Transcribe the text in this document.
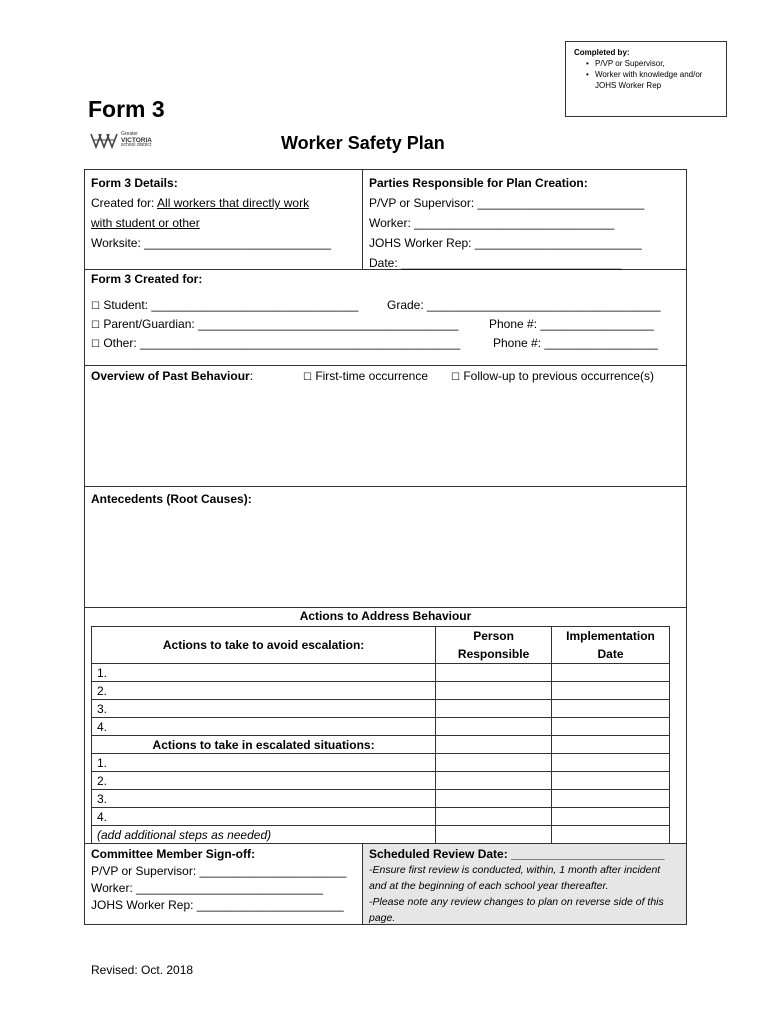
Completed by:
• P/VP or Supervisor,
• Worker with knowledge and/or JOHS Worker Rep
Form 3
Greater
VICTORIA
school district	Worker Safety Plan
Form 3 Details:
Created for: All workers that directly work
with student or other
Worksite: ____________________________
Parties Responsible for Plan Creation:
P/VP or Supervisor: _________________________
Worker: ______________________________
JOHS Worker Rep: _________________________
Date: _________________________________
Form 3 Created for:
☐ Student: _______________________________ Grade: ___________________________________
☐ Parent/Guardian: _______________________________________	Phone #: _________________
☐ Other: ________________________________________________	Phone #: _________________
Overview of Past Behaviour:	☐ First-time occurrence ☐ Follow-up to previous occurrence(s)
Antecedents (Root Causes):
Actions to Address Behaviour
Actions to take to avoid escalation:	Person Responsible	Implementation Date
1.		
2.		
3.		
4.		
Actions to take in escalated situations:		
1.		
2.		
3.		
4.		
(add additional steps as needed)		
Committee Member Sign-off:
P/VP or Supervisor: ______________________
Worker: ____________________________
JOHS Worker Rep: ______________________
Scheduled Review Date: _______________________
-Ensure first review is conducted, within, 1 month after incident and at the beginning of each school year thereafter.
-Please note any review changes to plan on reverse side of this page.
Revised: Oct. 2018
